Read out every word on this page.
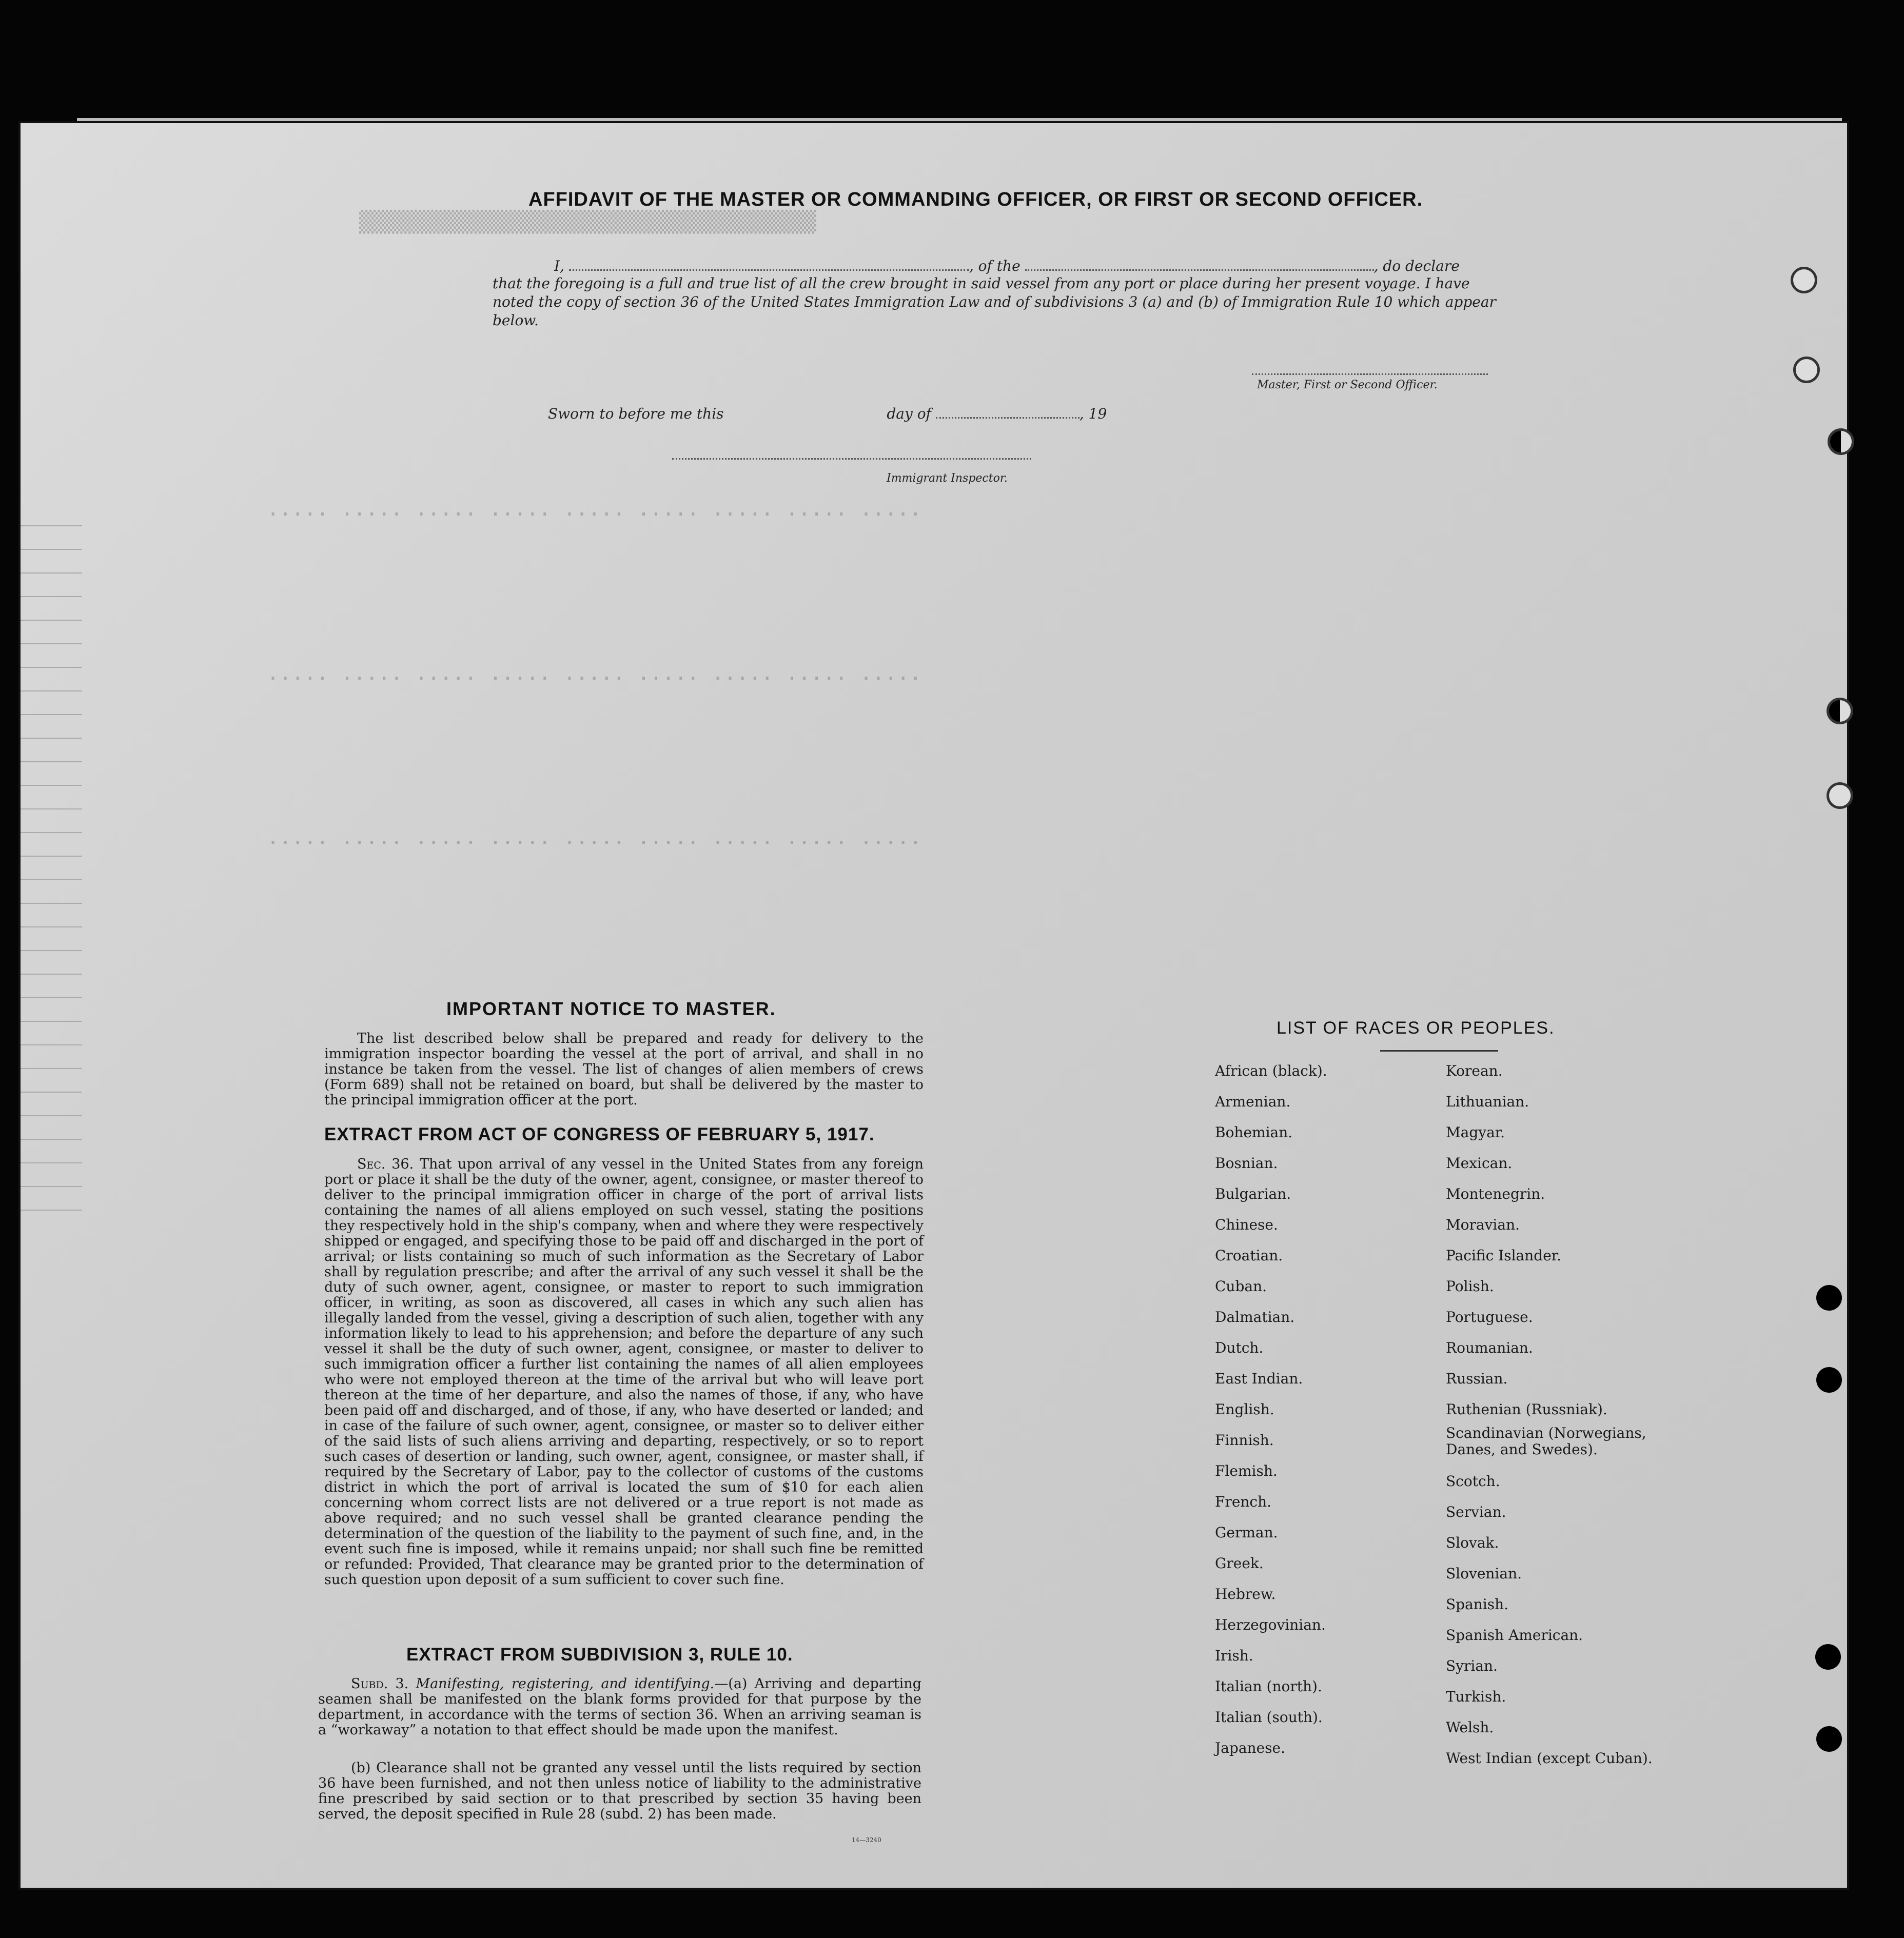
▒▒▒▒▒▒▒▒▒▒▒▒▒▒▒▒▒▒▒▒▒▒▒▒▒▒▒▒▒▒▒▒▒▒▒▒▒
····· ····· ····· ····· ····· ····· ····· ····· ·····
····· ····· ····· ····· ····· ····· ····· ····· ·····
····· ····· ····· ····· ····· ····· ····· ····· ·····
AFFIDAVIT OF THE MASTER OR COMMANDING OFFICER, OR FIRST OR SECOND OFFICER.
I,	, of the	, do declare
that the foregoing is a full and true list of all the crew brought in said vessel from any port or place during her present voyage. I have noted the copy of section 36 of the United States Immigration Law and of subdivisions 3 (a) and (b) of Immigration Rule 10 which appear below.
Master, First or Second Officer.
Sworn to before me this	day of	, 19
Immigrant Inspector.
IMPORTANT NOTICE TO MASTER.
The list described below shall be prepared and ready for delivery to the immigration inspector boarding the vessel at the port of arrival, and shall in no instance be taken from the vessel. The list of changes of alien members of crews (Form 689) shall not be retained on board, but shall be delivered by the master to the principal immigration officer at the port.
EXTRACT FROM ACT OF CONGRESS OF FEBRUARY 5, 1917.
Sec. 36. That upon arrival of any vessel in the United States from any foreign port or place it shall be the duty of the owner, agent, consignee, or master thereof to deliver to the principal immigration officer in charge of the port of arrival lists containing the names of all aliens employed on such vessel, stating the positions they respectively hold in the ship's company, when and where they were respectively shipped or engaged, and specifying those to be paid off and discharged in the port of arrival; or lists containing so much of such information as the Secretary of Labor shall by regulation prescribe; and after the arrival of any such vessel it shall be the duty of such owner, agent, consignee, or master to report to such immigration officer, in writing, as soon as discovered, all cases in which any such alien has illegally landed from the vessel, giving a description of such alien, together with any information likely to lead to his apprehension; and before the departure of any such vessel it shall be the duty of such owner, agent, consignee, or master to deliver to such immigration officer a further list containing the names of all alien employees who were not employed thereon at the time of the arrival but who will leave port thereon at the time of her departure, and also the names of those, if any, who have been paid off and discharged, and of those, if any, who have deserted or landed; and in case of the failure of such owner, agent, consignee, or master so to deliver either of the said lists of such aliens arriving and departing, respectively, or so to report such cases of desertion or landing, such owner, agent, consignee, or master shall, if required by the Secretary of Labor, pay to the collector of customs of the customs district in which the port of arrival is located the sum of $10 for each alien concerning whom correct lists are not delivered or a true report is not made as above required; and no such vessel shall be granted clearance pending the determination of the question of the liability to the payment of such fine, and, in the event such fine is imposed, while it remains unpaid; nor shall such fine be remitted or refunded: Provided, That clearance may be granted prior to the determination of such question upon deposit of a sum sufficient to cover such fine.
EXTRACT FROM SUBDIVISION 3, RULE 10.
Subd. 3. Manifesting, registering, and identifying.—(a) Arriving and departing seamen shall be manifested on the blank forms provided for that purpose by the department, in accordance with the terms of section 36. When an arriving seaman is a “workaway” a notation to that effect should be made upon the manifest.
(b) Clearance shall not be granted any vessel until the lists required by section 36 have been furnished, and not then unless notice of liability to the administrative fine prescribed by said section or to that prescribed by section 35 having been served, the deposit specified in Rule 28 (subd. 2) has been made.
14—3240
LIST OF RACES OR PEOPLES.
African (black).
Armenian.
Bohemian.
Bosnian.
Bulgarian.
Chinese.
Croatian.
Cuban.
Dalmatian.
Dutch.
East Indian.
English.
Finnish.
Flemish.
French.
German.
Greek.
Hebrew.
Herzegovinian.
Irish.
Italian (north).
Italian (south).
Japanese.
Korean.
Lithuanian.
Magyar.
Mexican.
Montenegrin.
Moravian.
Pacific Islander.
Polish.
Portuguese.
Roumanian.
Russian.
Ruthenian (Russniak).
Scandinavian (Norwegians, Danes, and Swedes).
Scotch.
Servian.
Slovak.
Slovenian.
Spanish.
Spanish American.
Syrian.
Turkish.
Welsh.
West Indian (except Cuban).
